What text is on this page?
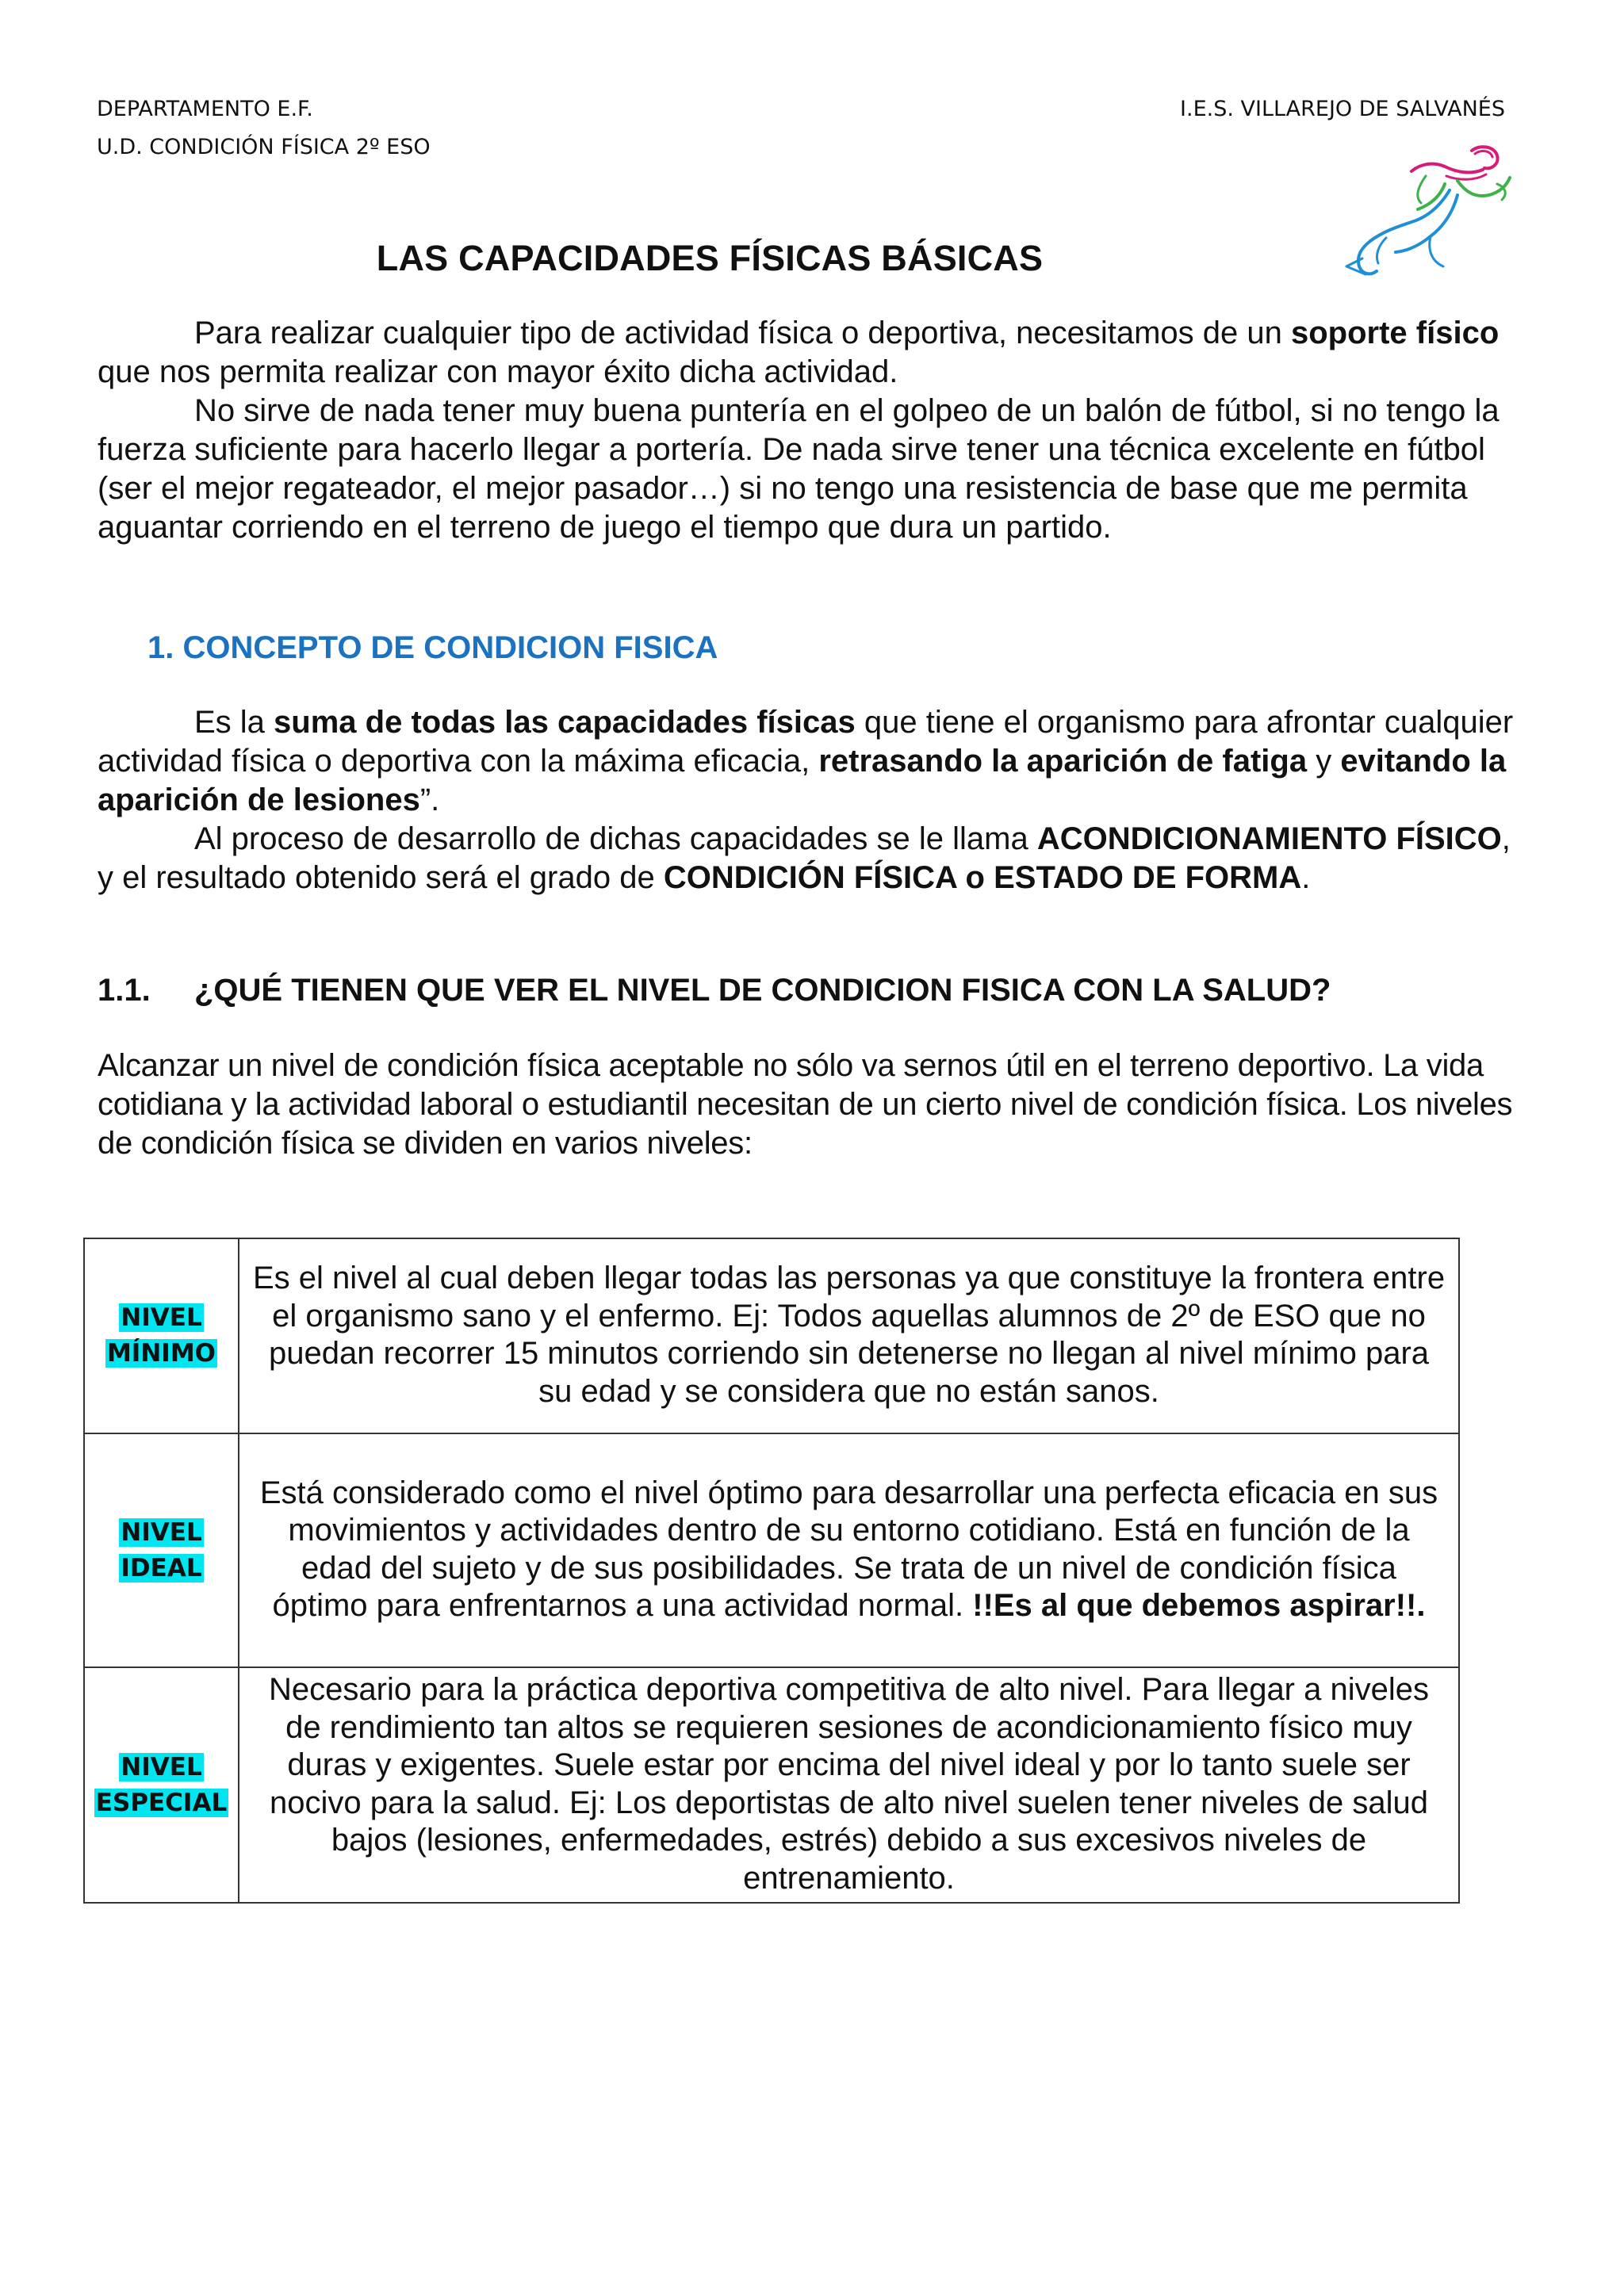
DEPARTAMENTO E.F.
U.D. CONDICIÓN FÍSICA 2º ESO
I.E.S. VILLAREJO DE SALVANÉS
LAS CAPACIDADES FÍSICAS BÁSICAS

Para realizar cualquier tipo de actividad física o deportiva, necesitamos de un soporte físico que nos permita realizar con mayor éxito dicha actividad.

No sirve de nada tener muy buena puntería en el golpeo de un balón de fútbol, si no tengo la fuerza suficiente para hacerlo llegar a portería. De nada sirve tener una técnica excelente en fútbol (ser el mejor regateador, el mejor pasador…) si no tengo una resistencia de base que me permita aguantar corriendo en el terreno de juego el tiempo que dura un partido.

1. CONCEPTO DE CONDICION FISICA

Es la suma de todas las capacidades físicas que tiene el organismo para afrontar cualquier actividad física o deportiva con la máxima eficacia, retrasando la aparición de fatiga y evitando la aparición de lesiones”.

Al proceso de desarrollo de dichas capacidades se le llama ACONDICIONAMIENTO FÍSICO, y el resultado obtenido será el grado de CONDICIÓN FÍSICA o ESTADO DE FORMA.

1.1. ¿QUÉ TIENEN QUE VER EL NIVEL DE CONDICION FISICA CON LA SALUD?

Alcanzar un nivel de condición física aceptable no sólo va sernos útil en el terreno deportivo. La vida cotidiana y la actividad laboral o estudiantil necesitan de un cierto nivel de condición física. Los niveles de condición física se dividen en varios niveles:

NIVEL
MÍNIMO	Es el nivel al cual deben llegar todas las personas ya que constituye la frontera entre el organismo sano y el enfermo. Ej: Todos aquellas alumnos de 2º de ESO que no puedan recorrer 15 minutos corriendo sin detenerse no llegan al nivel mínimo para su edad y se considera que no están sanos.
NIVEL
IDEAL	Está considerado como el nivel óptimo para desarrollar una perfecta eficacia en sus movimientos y actividades dentro de su entorno cotidiano. Está en función de la edad del sujeto y de sus posibilidades. Se trata de un nivel de condición física óptimo para enfrentarnos a una actividad normal. !!Es al que debemos aspirar!!.
NIVEL
ESPECIAL	Necesario para la práctica deportiva competitiva de alto nivel. Para llegar a niveles de rendimiento tan altos se requieren sesiones de acondicionamiento físico muy duras y exigentes. Suele estar por encima del nivel ideal y por lo tanto suele ser nocivo para la salud. Ej: Los deportistas de alto nivel suelen tener niveles de salud bajos (lesiones, enfermedades, estrés) debido a sus excesivos niveles de entrenamiento.
